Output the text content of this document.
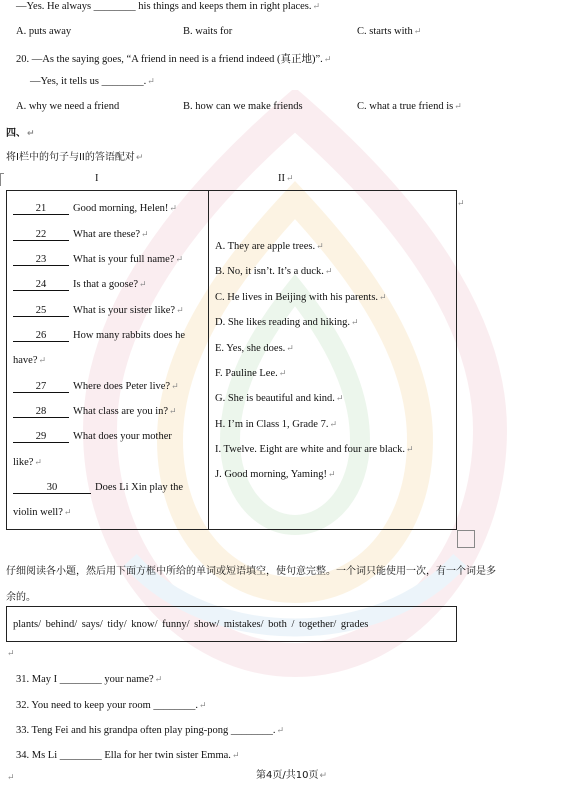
—Yes. He always ________ his things and keeps them in right places.↵
A. puts away	B. waits for	C. starts with↵
20. —As the saying goes, “A friend in need is a friend indeed (真正地)”.↵
—Yes, it tells us ________.↵
A. why we need a friend	B. how can we make friends	C. what a true friend is↵
四、↵
将I栏中的句子与II的答语配对↵
I	II↵
↵
21	Good morning, Helen!↵
22	What are these?↵
23	What is your full name?↵
24	Is that a goose?↵
25	What is your sister like?↵
26	How many rabbits does he
have?↵
27	Where does Peter live?↵
28	What class are you in?↵
29	What does your mother
like?↵
30	Does Li Xin play the
violin well?↵
A. They are apple trees.↵
B. No, it isn’t. It’s a duck.↵
C. He lives in Beijing with his parents.↵
D. She likes reading and hiking.↵
E. Yes, she does.↵
F. Pauline Lee.↵
G. She is beautiful and kind.↵
H. I’m in Class 1, Grade 7.↵
I. Twelve. Eight are white and four are black.↵
J. Good morning, Yaming!↵
仔细阅读各小题，然后用下面方框中所给的单词或短语填空，使句意完整。一个词只能使用一次，有一个词是多
余的。
plants/ behind/ says/ tidy/ know/ funny/ show/ mistakes/ both / together/ grades
↵
31. May I ________ your name?↵
32. You need to keep your room ________.↵
33. Teng Fei and his grandpa often play ping-pong ________.↵
34. Ms Li ________ Ella for her twin sister Emma.↵
第4页/共10页↵
↵
